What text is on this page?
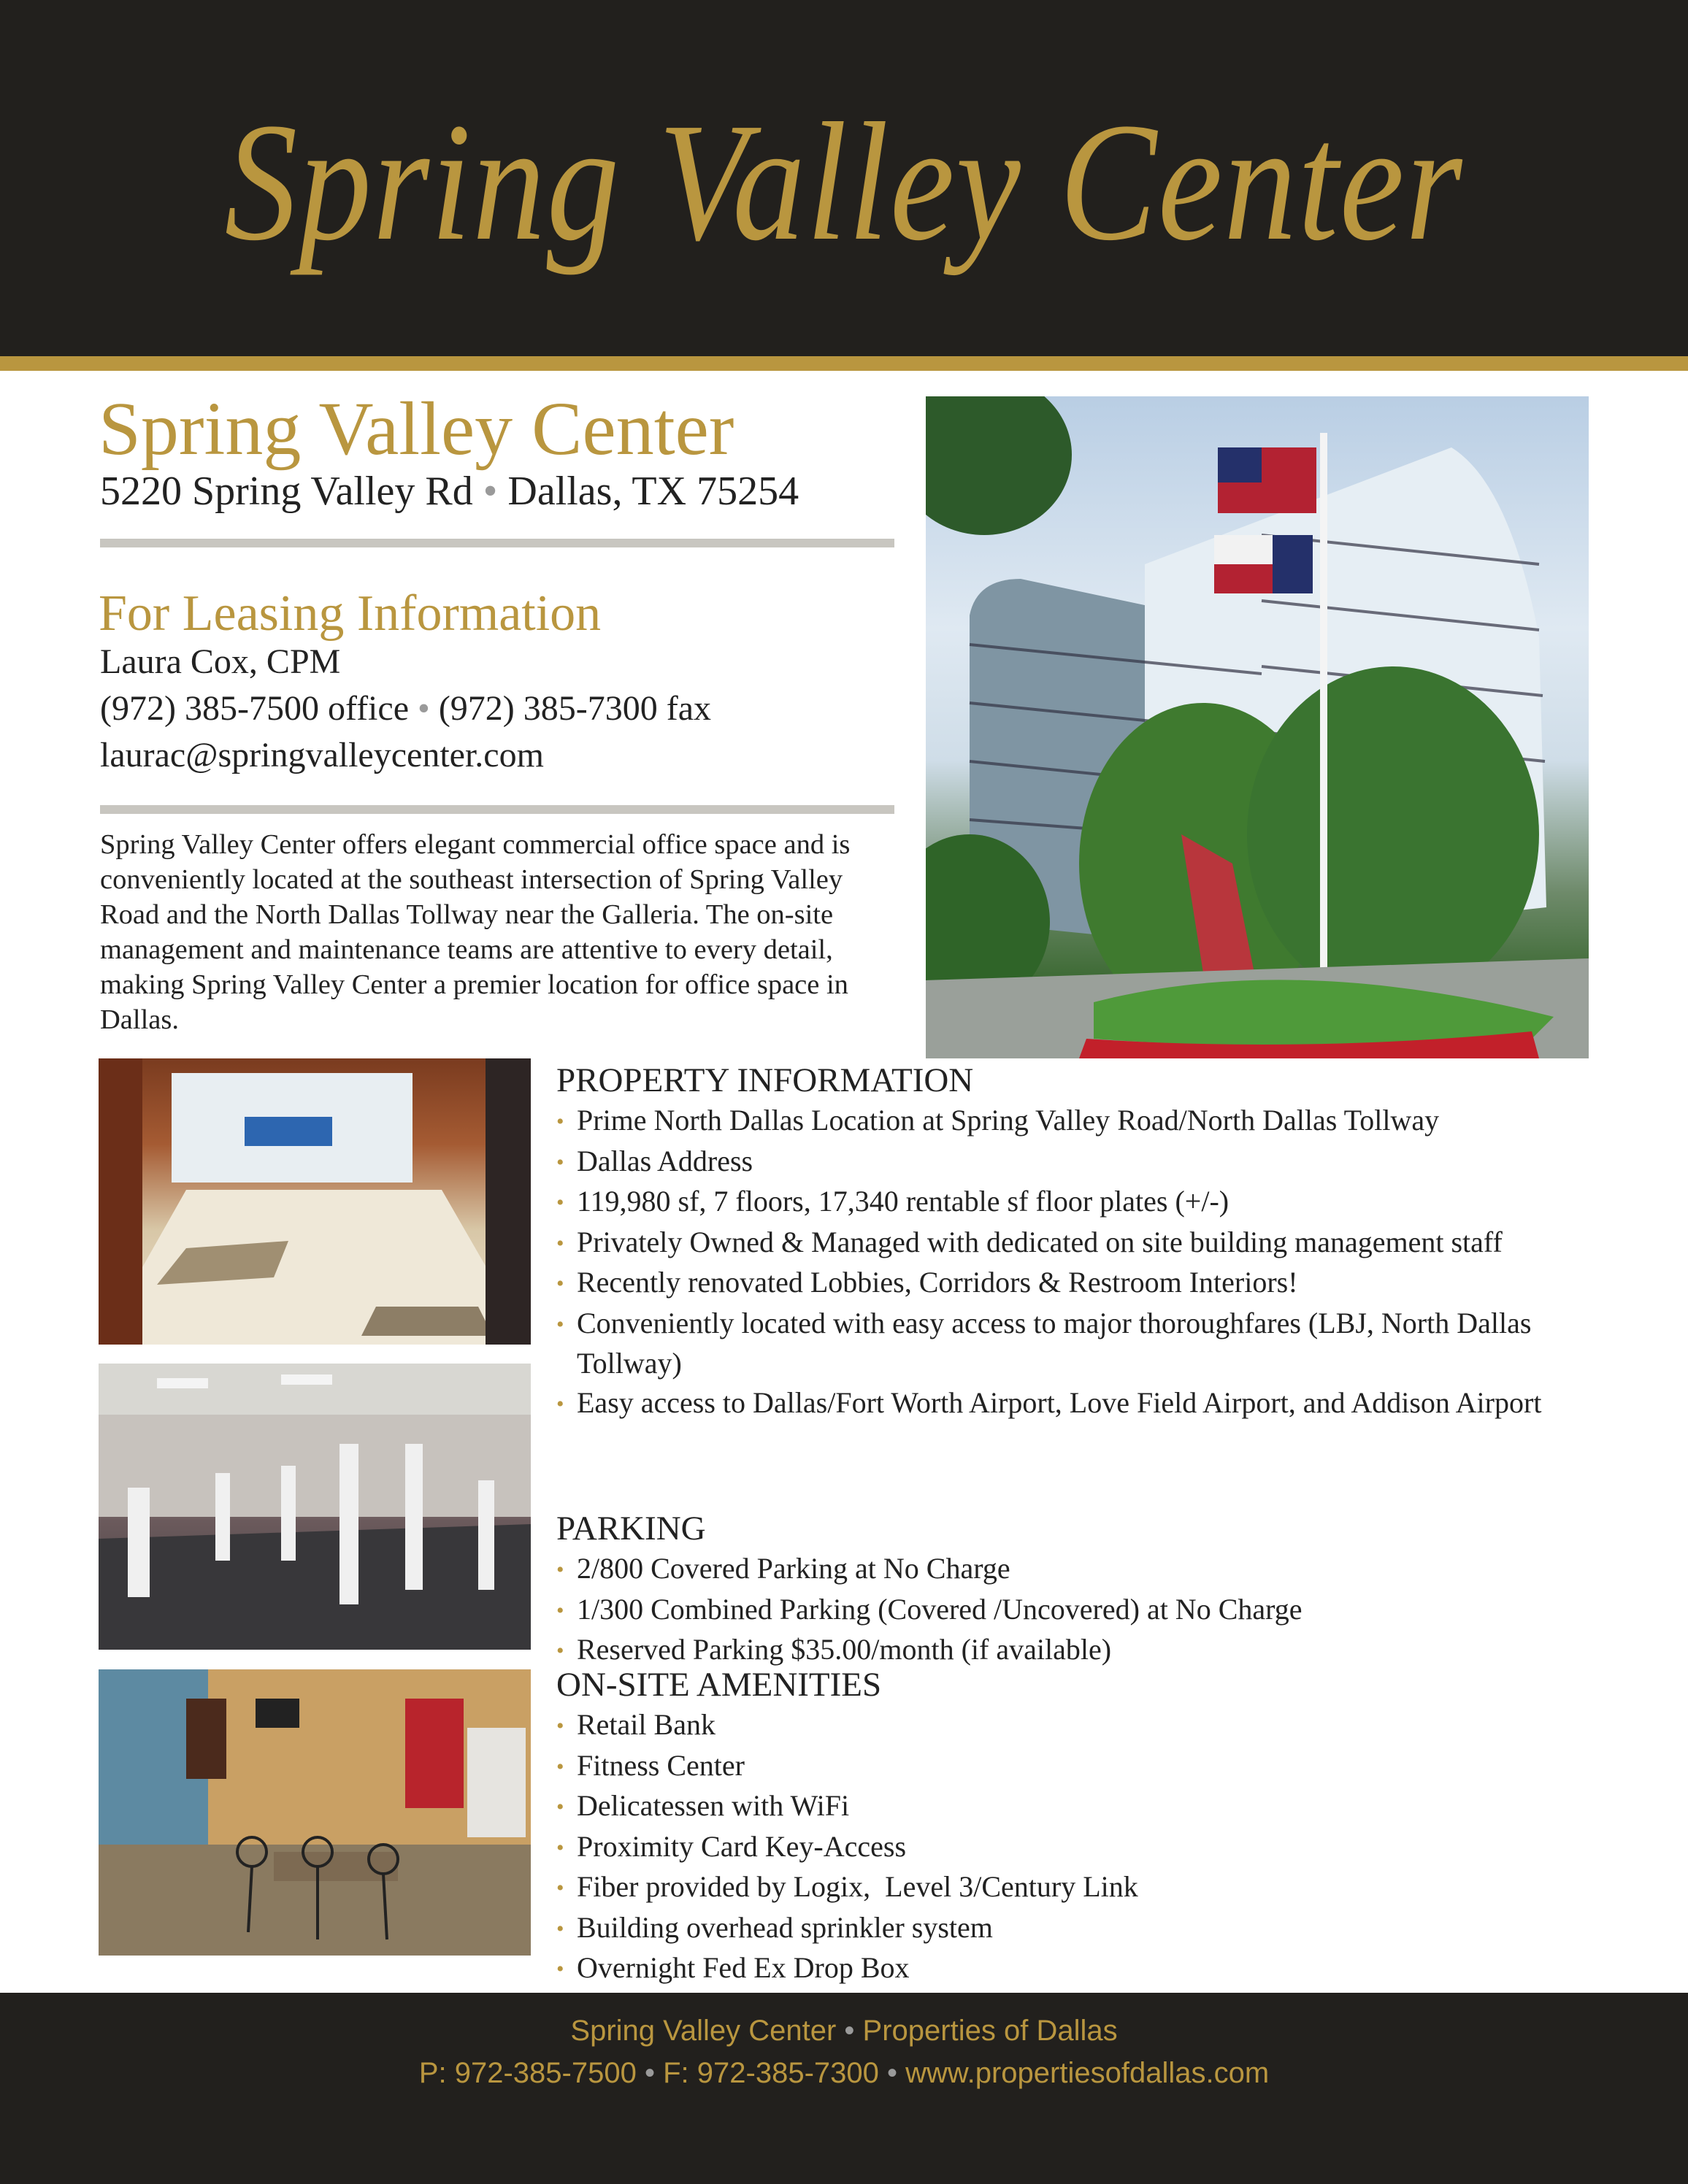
Spring Valley Center
Spring Valley Center
5220 Spring Valley Rd • Dallas, TX 75254
For Leasing Information
Laura Cox, CPM
(972) 385-7500 office • (972) 385-7300 fax
laurac@springvalleycenter.com
Spring Valley Center offers elegant commercial office space and is conveniently located at the southeast intersection of Spring Valley Road and the North Dallas Tollway near the Galleria. The on-site management and maintenance teams are attentive to every detail, making Spring Valley Center a premier location for office space in Dallas.
PROPERTY INFORMATION
• Prime North Dallas Location at Spring Valley Road/North Dallas Tollway
• Dallas Address
• 119,980 sf, 7 floors, 17,340 rentable sf floor plates (+/-)
• Privately Owned & Managed with dedicated on site building management staff
• Recently renovated Lobbies, Corridors & Restroom Interiors!
• Conveniently located with easy access to major thoroughfares (LBJ, North Dallas Tollway)
• Easy access to Dallas/Fort Worth Airport, Love Field Airport, and Addison Airport
PARKING
• 2/800 Covered Parking at No Charge
• 1/300 Combined Parking (Covered /Uncovered) at No Charge
• Reserved Parking $35.00/month (if available)
ON-SITE AMENITIES
• Retail Bank
• Fitness Center
• Delicatessen with WiFi
• Proximity Card Key-Access
• Fiber provided by Logix,  Level 3/Century Link
• Building overhead sprinkler system
• Overnight Fed Ex Drop Box
Spring Valley Center • Properties of Dallas
P: 972-385-7500 • F: 972-385-7300 • www.propertiesofdallas.com
